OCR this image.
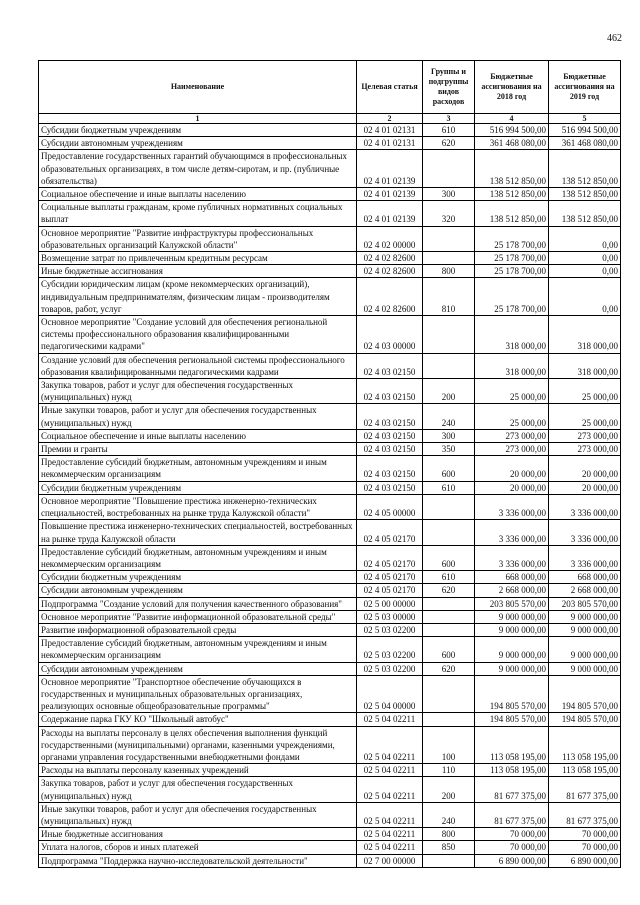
462
Наименование	Целевая статья	Группы и подгруппы видов расходов	Бюджетные ассигнования на 2018 год	Бюджетные ассигнования на 2019 год
1	2	3	4	5
Субсидии бюджетным учреждениям	02 4 01 02131	610	516 994 500,00	516 994 500,00
Субсидии автономным учреждениям	02 4 01 02131	620	361 468 080,00	361 468 080,00
Предоставление государственных гарантий обучающимся в профессиональных образовательных организациях, в том числе детям-сиротам, и пр. (публичные обязательства)	02 4 01 02139		138 512 850,00	138 512 850,00
Социальное обеспечение и иные выплаты населению	02 4 01 02139	300	138 512 850,00	138 512 850,00
Социальные выплаты гражданам, кроме публичных нормативных социальных выплат	02 4 01 02139	320	138 512 850,00	138 512 850,00
Основное мероприятие "Развитие инфраструктуры профессиональных образовательных организаций Калужской области"	02 4 02 00000		25 178 700,00	0,00
Возмещение затрат по привлеченным кредитным ресурсам	02 4 02 82600		25 178 700,00	0,00
Иные бюджетные ассигнования	02 4 02 82600	800	25 178 700,00	0,00
Субсидии юридическим лицам (кроме некоммерческих организаций), индивидуальным предпринимателям, физическим лицам - производителям товаров, работ, услуг	02 4 02 82600	810	25 178 700,00	0,00
Основное мероприятие "Создание условий для обеспечения региональной системы профессионального образования квалифицированными педагогическими кадрами"	02 4 03 00000		318 000,00	318 000,00
Создание условий для обеспечения региональной системы профессионального образования квалифицированными педагогическими кадрами	02 4 03 02150		318 000,00	318 000,00
Закупка товаров, работ и услуг для обеспечения государственных (муниципальных) нужд	02 4 03 02150	200	25 000,00	25 000,00
Иные закупки товаров, работ и услуг для обеспечения государственных (муниципальных) нужд	02 4 03 02150	240	25 000,00	25 000,00
Социальное обеспечение и иные выплаты населению	02 4 03 02150	300	273 000,00	273 000,00
Премии и гранты	02 4 03 02150	350	273 000,00	273 000,00
Предоставление субсидий бюджетным, автономным учреждениям и иным некоммерческим организациям	02 4 03 02150	600	20 000,00	20 000,00
Субсидии бюджетным учреждениям	02 4 03 02150	610	20 000,00	20 000,00
Основное мероприятие "Повышение престижа инженерно-технических специальностей, востребованных на рынке труда Калужской области"	02 4 05 00000		3 336 000,00	3 336 000,00
Повышение престижа инженерно-технических специальностей, востребованных на рынке труда Калужской области	02 4 05 02170		3 336 000,00	3 336 000,00
Предоставление субсидий бюджетным, автономным учреждениям и иным некоммерческим организациям	02 4 05 02170	600	3 336 000,00	3 336 000,00
Субсидии бюджетным учреждениям	02 4 05 02170	610	668 000,00	668 000,00
Субсидии автономным учреждениям	02 4 05 02170	620	2 668 000,00	2 668 000,00
Подпрограмма "Создание условий для получения качественного образования"	02 5 00 00000		203 805 570,00	203 805 570,00
Основное мероприятие "Развитие информационной образовательной среды"	02 5 03 00000		9 000 000,00	9 000 000,00
Развитие информационной образовательной среды	02 5 03 02200		9 000 000,00	9 000 000,00
Предоставление субсидий бюджетным, автономным учреждениям и иным некоммерческим организациям	02 5 03 02200	600	9 000 000,00	9 000 000,00
Субсидии автономным учреждениям	02 5 03 02200	620	9 000 000,00	9 000 000,00
Основное мероприятие "Транспортное обеспечение обучающихся в государственных и муниципальных образовательных организациях, реализующих основные общеобразовательные программы"	02 5 04 00000		194 805 570,00	194 805 570,00
Содержание парка ГКУ КО "Школьный автобус"	02 5 04 02211		194 805 570,00	194 805 570,00
Расходы на выплаты персоналу в целях обеспечения выполнения функций государственными (муниципальными) органами, казенными учреждениями, органами управления государственными внебюджетными фондами	02 5 04 02211	100	113 058 195,00	113 058 195,00
Расходы на выплаты персоналу казенных учреждений	02 5 04 02211	110	113 058 195,00	113 058 195,00
Закупка товаров, работ и услуг для обеспечения государственных (муниципальных) нужд	02 5 04 02211	200	81 677 375,00	81 677 375,00
Иные закупки товаров, работ и услуг для обеспечения государственных (муниципальных) нужд	02 5 04 02211	240	81 677 375,00	81 677 375,00
Иные бюджетные ассигнования	02 5 04 02211	800	70 000,00	70 000,00
Уплата налогов, сборов и иных платежей	02 5 04 02211	850	70 000,00	70 000,00
Подпрограмма "Поддержка научно-исследовательской деятельности"	02 7 00 00000		6 890 000,00	6 890 000,00
